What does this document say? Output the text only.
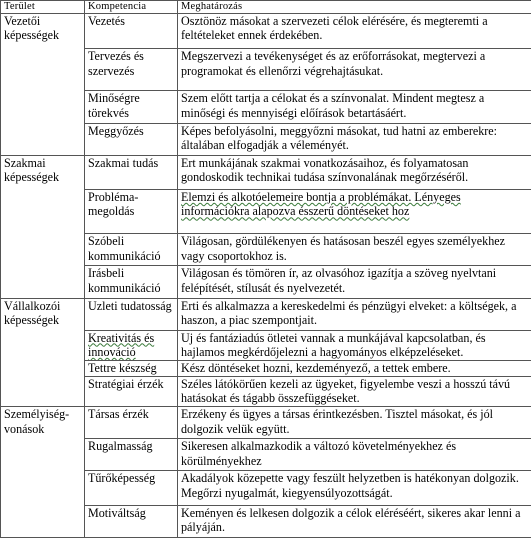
Terület	Kompetencia	Meghatározás
Vezetői képességek	Vezetés	Osztönöz másokat a szervezeti célok elérésére, és megteremti a feltételeket ennek érdekében.
	Tervezés és szervezés	Megszervezi a tevékenységet és az erőforrásokat, megtervezi a programokat és ellenőrzi végrehajtásukat.
	Minőségre törekvés	Szem előtt tartja a célokat és a színvonalat. Mindent megtesz a minőségi és mennyiségi előírások betartásáért.
	Meggyőzés	Képes befolyásolni, meggyőzni másokat, tud hatni az emberekre: általában elfogadják a véleményét.
Szakmai képességek	Szakmai tudás	Ert munkájának szakmai vonatkozásaihoz, és folyamatosan gondoskodik technikai tudása színvonalának megőrzéséről.
	Probléma-megoldás	Elemzi és alkotóelemeire bontja a problémákat. Lényeges információkra alapozva ésszerű döntéseket hoz
	Szóbeli kommunikáció	Világosan, gördülékenyen és hatásosan beszél egyes személyekhez vagy csoportokhoz is.
	Irásbeli kommunikáció	Világosan és tömören ír, az olvasóhoz igazítja a szöveg nyelvtani felépítését, stílusát és nyelvezetét.
Vállalkozói képességek	Uzleti tudatosság	Erti és alkalmazza a kereskedelmi és pénzügyi elveket: a költségek, a haszon, a piac szempontjait.
	Kreativitás és innováció	Uj és fantáziadús ötletei vannak a munkájával kapcsolatban, és hajlamos megkérdőjelezni a hagyományos elképzeléseket.
	Tettre készség	Kész döntéseket hozni, kezdeményező, a tettek embere.
	Stratégiai érzék	Széles látókörűen kezeli az ügyeket, figyelembe veszi a hosszú távú hatásokat és tágabb összefüggéseket.
Személyiség-vonások	Társas érzék	Erzékeny és ügyes a társas érintkezésben. Tisztel másokat, és jól dolgozik velük együtt.
	Rugalmasság	Sikeresen alkalmazkodik a változó követelményekhez és körülményekhez
	Tűrőképesség	Akadályok közepette vagy feszült helyzetben is hatékonyan dolgozik. Megőrzi nyugalmát, kiegyensúlyozottságát.
	Motiváltság	Keményen és lelkesen dolgozik a célok eléréséért, sikeres akar lenni a pályáján.
